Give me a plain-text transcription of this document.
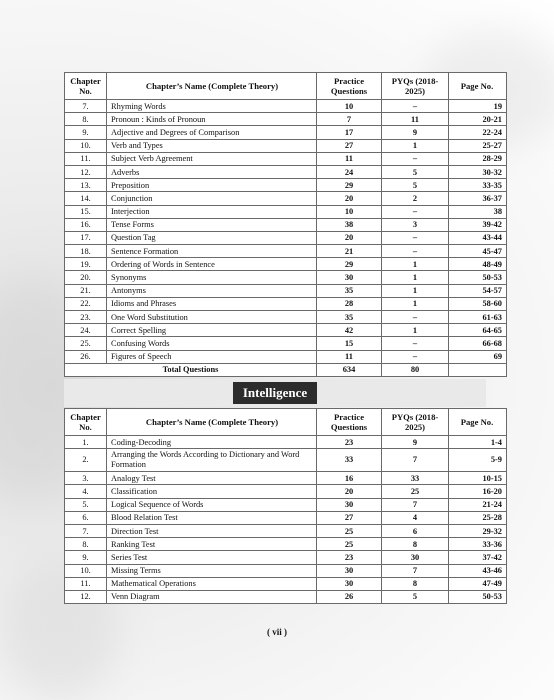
Chapter No.	Chapter’s Name (Complete Theory)	Practice Questions	PYQs (2018-2025)	Page No.
7.	Rhyming Words	10	–	19
8.	Pronoun : Kinds of Pronoun	7	11	20-21
9.	Adjective and Degrees of Comparison	17	9	22-24
10.	Verb and Types	27	1	25-27
11.	Subject Verb Agreement	11	–	28-29
12.	Adverbs	24	5	30-32
13.	Preposition	29	5	33-35
14.	Conjunction	20	2	36-37
15.	Interjection	10	–	38
16.	Tense Forms	38	3	39-42
17.	Question Tag	20	–	43-44
18.	Sentence Formation	21	–	45-47
19.	Ordering of Words in Sentence	29	1	48-49
20.	Synonyms	30	1	50-53
21.	Antonyms	35	1	54-57
22.	Idioms and Phrases	28	1	58-60
23.	One Word Substitution	35	–	61-63
24.	Correct Spelling	42	1	64-65
25.	Confusing Words	15	–	66-68
26.	Figures of Speech	11	–	69
Total Questions		634	80	
Intelligence
Chapter No.	Chapter’s Name (Complete Theory)	Practice Questions	PYQs (2018-2025)	Page No.
1.	Coding-Decoding	23	9	1-4
2.	Arranging the Words According to Dictionary and Word Formation	33	7	5-9
3.	Analogy Test	16	33	10-15
4.	Classification	20	25	16-20
5.	Logical Sequence of Words	30	7	21-24
6.	Blood Relation Test	27	4	25-28
7.	Direction Test	25	6	29-32
8.	Ranking Test	25	8	33-36
9.	Series Test	23	30	37-42
10.	Missing Terms	30	7	43-46
11.	Mathematical Operations	30	8	47-49
12.	Venn Diagram	26	5	50-53
( vii )
